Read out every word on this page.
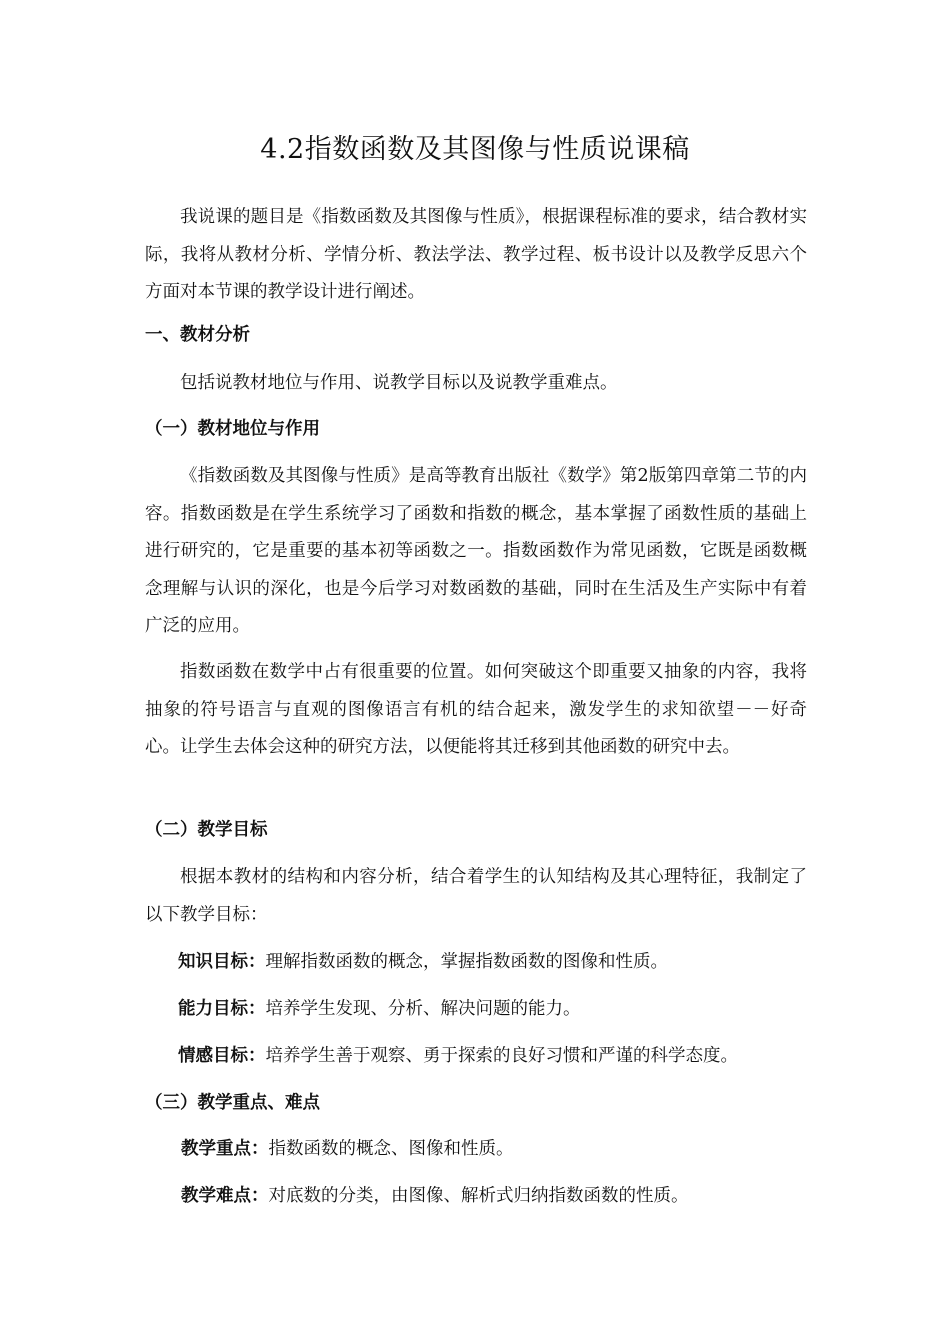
4.2指数函数及其图像与性质说课稿
我说课的题目是《指数函数及其图像与性质》，根据课程标准的要求，结合教材实际，我将从教材分析、学情分析、教法学法、教学过程、板书设计以及教学反思六个方面对本节课的教学设计进行阐述。
一、教材分析
包括说教材地位与作用、说教学目标以及说教学重难点。
（一）教材地位与作用
《指数函数及其图像与性质》是高等教育出版社《数学》第2版第四章第二节的内容。指数函数是在学生系统学习了函数和指数的概念，基本掌握了函数性质的基础上进行研究的，它是重要的基本初等函数之一。指数函数作为常见函数，它既是函数概念理解与认识的深化，也是今后学习对数函数的基础，同时在生活及生产实际中有着广泛的应用。
指数函数在数学中占有很重要的位置。如何突破这个即重要又抽象的内容，我将抽象的符号语言与直观的图像语言有机的结合起来，激发学生的求知欲望－－好奇心。让学生去体会这种的研究方法，以便能将其迁移到其他函数的研究中去。
（二）教学目标
根据本教材的结构和内容分析，结合着学生的认知结构及其心理特征，我制定了以下教学目标：
知识目标：理解指数函数的概念，掌握指数函数的图像和性质。
能力目标：培养学生发现、分析、解决问题的能力。
情感目标：培养学生善于观察、勇于探索的良好习惯和严谨的科学态度。
（三）教学重点、难点
教学重点：指数函数的概念、图像和性质。
教学难点：对底数的分类，由图像、解析式归纳指数函数的性质。
